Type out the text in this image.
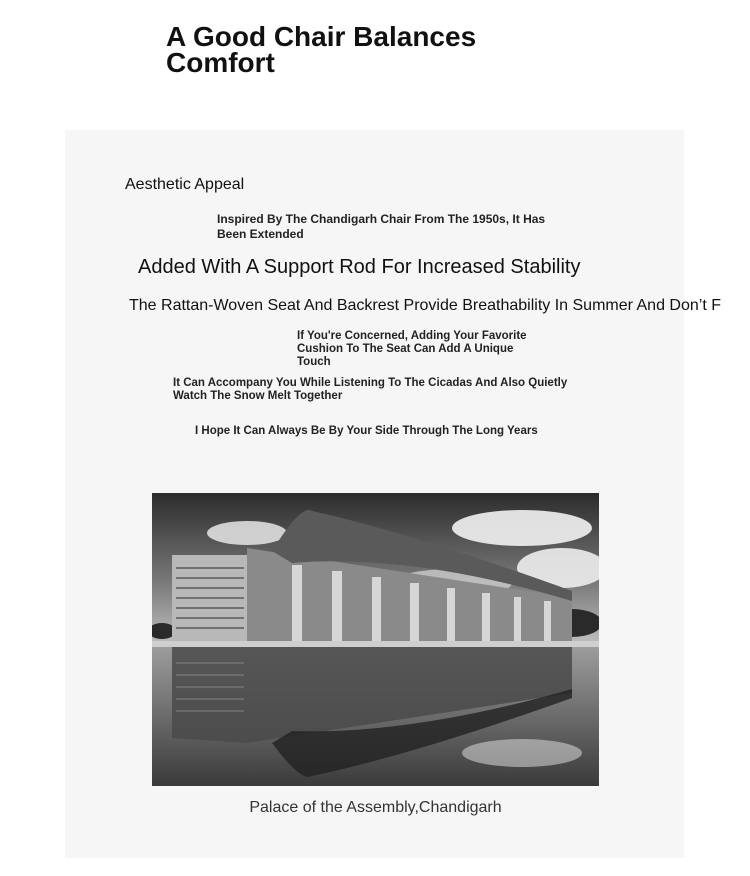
A Good Chair Balances Comfort
Aesthetic Appeal
Inspired By The Chandigarh Chair From The 1950s, It Has Been Extended
Added With A Support Rod For Increased Stability
The Rattan-Woven Seat And Backrest Provide Breathability In Summer And Don’t F
If You're Concerned, Adding Your Favorite Cushion To The Seat Can Add A Unique Touch
It Can Accompany You While Listening To The Cicadas And Also Quietly Watch The Snow Melt Together
I Hope It Can Always Be By Your Side Through The Long Years
Palace of the Assembly,Chandigarh
